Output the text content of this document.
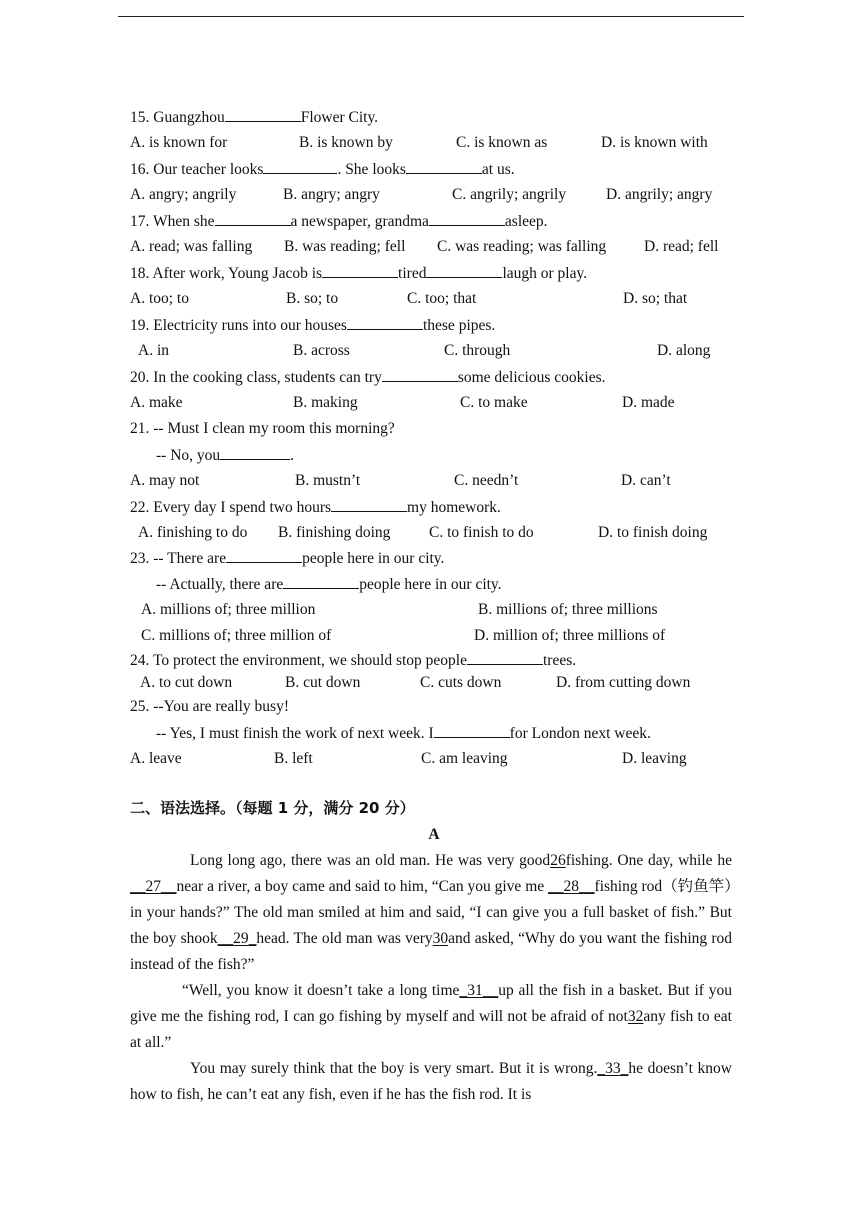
15. Guangzhou	Flower City.
A. is known for	B. is known by	C. is known as	D. is known with
16. Our teacher looks	. She looks	at us.
A. angry; angrily	B. angry; angry	C. angrily; angrily	D. angrily; angry
17. When she	a newspaper, grandma	asleep.
A. read; was falling B. was reading; fell C. was reading; was falling D. read; fell
18. After work, Young Jacob is	tired	laugh or play.
A. too; to	B. so; to	C. too; that	D. so; that
19. Electricity runs into our houses	these pipes.
A. in	B. across	C. through	D. along
20. In the cooking class, students can try	some delicious cookies.
A. make	B. making	C. to make	D. made
21. -- Must I clean my room this morning?
-- No, you	.
A. may not	B. mustn’t	C. needn’t	D. can’t
22. Every day I spend two hours	my homework.
A. finishing to do B. finishing doing C. to finish to do	D. to finish doing
23. -- There are	people here in our city.
-- Actually, there are	people here in our city.
A. millions of; three million	B. millions of; three millions
C. millions of; three million of	D. million of; three millions of
24. To protect the environment, we should stop people	trees.
A. to cut down	B. cut down	C. cuts down	D. from cutting down
25. --You are really busy!
-- Yes, I must finish the work of next week. I	for London next week.
A. leave	B. left	C. am leaving	D. leaving
二、语法选择。（每题 1 分，满分 20 分）
A
Long long ago, there was an old man. He was very good26fishing. One day, while he __27__near a river, a boy came and said to him, “Can you give me __28__fishing rod（钓鱼竿）in your hands?” The old man smiled at him and said, “I can give you a full basket of fish.” But the boy shook__29_head. The old man was very30and asked, “Why do you want the fishing rod instead of the fish?”
“Well, you know it doesn’t take a long time_31__up all the fish in a basket. But if you give me the fishing rod, I can go fishing by myself and will not be afraid of not32any fish to eat at all.”
You may surely think that the boy is very smart. But it is wrong._33_he doesn’t know how to fish, he can’t eat any fish, even if he has the fish rod. It is
